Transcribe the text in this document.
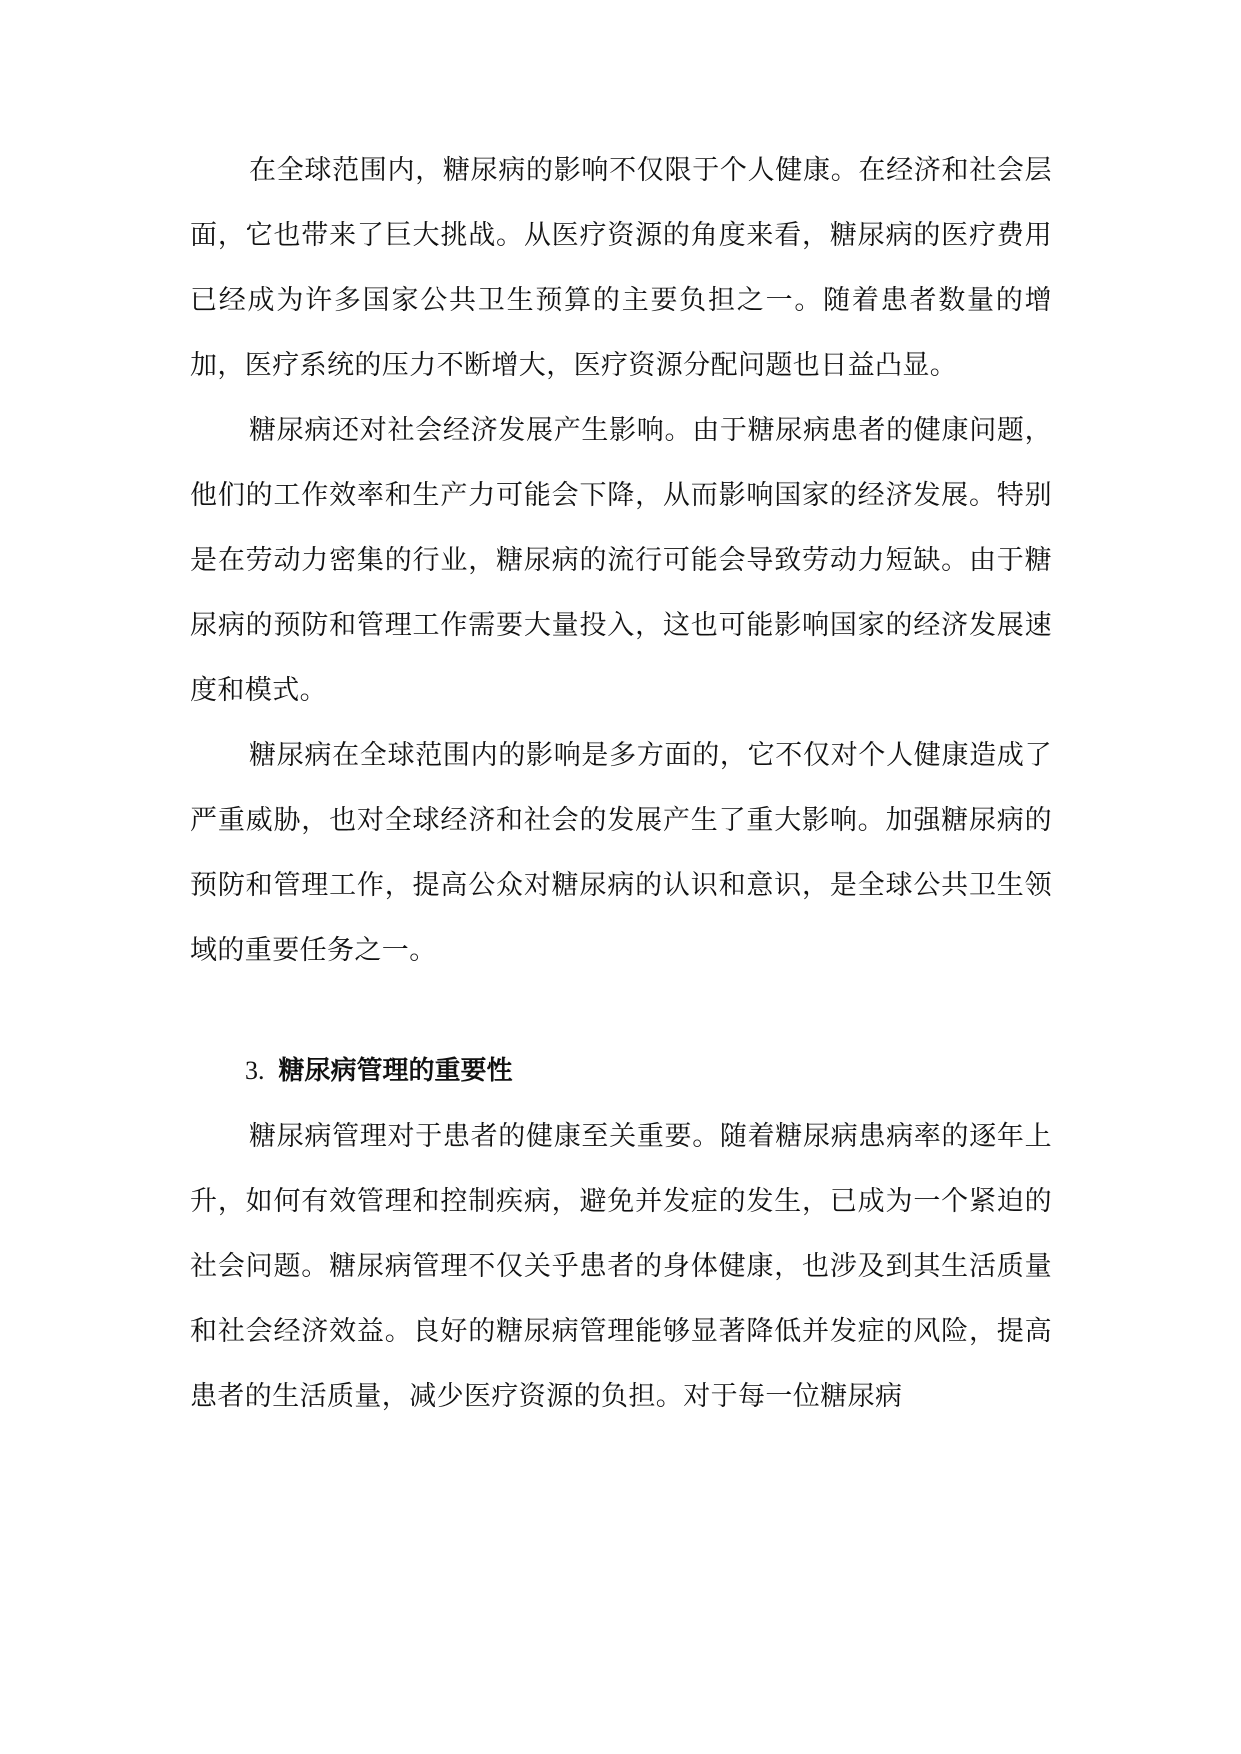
在全球范围内，糖尿病的影响不仅限于个人健康。在经济和社会层面，它也带来了巨大挑战。从医疗资源的角度来看，糖尿病的医疗费用已经成为许多国家公共卫生预算的主要负担之一。随着患者数量的增加，医疗系统的压力不断增大，医疗资源分配问题也日益凸显。

糖尿病还对社会经济发展产生影响。由于糖尿病患者的健康问题，他们的工作效率和生产力可能会下降，从而影响国家的经济发展。特别是在劳动力密集的行业，糖尿病的流行可能会导致劳动力短缺。由于糖尿病的预防和管理工作需要大量投入，这也可能影响国家的经济发展速度和模式。

糖尿病在全球范围内的影响是多方面的，它不仅对个人健康造成了严重威胁，也对全球经济和社会的发展产生了重大影响。加强糖尿病的预防和管理工作，提高公众对糖尿病的认识和意识，是全球公共卫生领域的重要任务之一。

3. 糖尿病管理的重要性

糖尿病管理对于患者的健康至关重要。随着糖尿病患病率的逐年上升，如何有效管理和控制疾病，避免并发症的发生，已成为一个紧迫的社会问题。糖尿病管理不仅关乎患者的身体健康，也涉及到其生活质量和社会经济效益。良好的糖尿病管理能够显著降低并发症的风险，提高患者的生活质量，减少医疗资源的负担。对于每一位糖尿病
